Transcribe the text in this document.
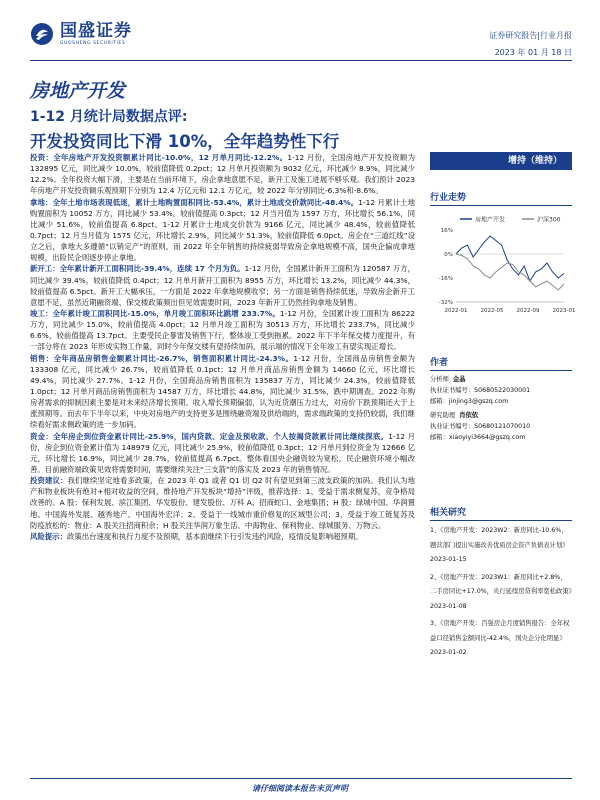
国盛证券
GUOSHENG SECURITIES
证券研究报告|行业月报
2023 年 01 月 18 日
房地产开发
1-12 月统计局数据点评:
开发投资同比下滑 10%，全年趋势性下行

投资：全年房地产开发投资额累计同比-10.0%，12 月单月同比-12.2%。1-12 月份，全国房地产开发投资额为 132895 亿元，同比减少 10.0%，较前值降低 0.2pct；12 月单月投资额为 9032 亿元，环比减少 8.9%，同比减少 12.2%。全年投资大幅下滑，主要是在当前环境下，房企拿地意愿不足，新开工及施工进展不够乐观。我们预计 2023 年房地产开发投资额乐观预期下分别为 12.4 万亿元和 12.1 万亿元，较 2022 年分别同比-6.3%和-8.6%。

拿地：全年土地市场表现低迷，累计土地购置面积同比-53.4%，累计土地成交价款同比-48.4%。1-12 月累计土地购置面积为 10052 万方，同比减少 53.4%，较前值提高 0.3pct；12 月当月值为 1597 万方，环比增长 56.1%，同比减少 51.6%，较前值提高 6.8pct。1-12 月累计土地成交价款为 9166 亿元，同比减少 48.4%，较前值降低 0.7pct；12 月当月值为 1575 亿元，环比增长 2.9%，同比减少 51.3%，较前值降低 6.0pct。房企在“三道红线”设立之后，拿地大多遵循“以销定产”的原则，而 2022 年全年销售的持续疲弱导致房企拿地规模不高，国央企偏成拿地规模，出险民企则逐步停止拿地。

新开工：全年累计新开工面积同比-39.4%，连续 17 个月为负。1-12 月份，全国累计新开工面积为 120587 万方，同比减少 39.4%，较前值降低 0.4pct；12 月单月新开工面积为 8955 万方，环比增长 13.2%，同比减少 44.3%，较前值提高 6.5pct。新开工大幅承压，一方面是 2022 年拿地规模收窄；另一方面是销售持续低迷，导致房企新开工意愿不足，虽然近期融资端、保交楼政策频出但见效需要时间，2023 年新开工仍然挂钩拿地及销售。

竣工：全年累计竣工面积同比-15.0%，单月竣工面积环比跳增 233.7%。1-12 月份，全国累计竣工面积为 86222 万方，同比减少 15.0%，较前值提高 4.0pct；12 月单月竣工面积为 30513 万方，环比增长 233.7%，同比减少 6.6%，较前值提高 13.7pct。主要受民企暴雷及销售下行，整体竣工受到拖累。2022 年下半年保交楼力度提升，有一部分将在 2023 年形成实物工作量，同时今年保交楼有望持续加码，展示端的情况下全年竣工有望实现正增长。

销售：全年商品房销售金额累计同比-26.7%，销售面积累计同比-24.3%。1-12 月份，全国商品房销售金额为 133308 亿元，同比减少 26.7%，较前值降低 0.1pct；12 月单月商品房销售金额为 14660 亿元，环比增长 49.4%，同比减少 27.7%。1-12 月份，全国商品房销售面积为 135837 万方，同比减少 24.3%，较前值降低 1.0pct；12 月单月商品房销售面积为 14587 万方，环比增长 44.8%，同比减少 31.5%，跌中期调查。2022 年购房者需求的抑制因素主要是对未来经济增长预期、收入增长预期偏弱，认为近货潮压力过大，对房价下跌预期还大于上涨预期等。而去年下半年以来，中央对房地产的支持更多是围绕融资端及供给端的，需求端政策的支持仍较弱，我们继续看好需求侧政策的进一步加码。

资金：全年房企到位资金累计同比-25.9%，国内贷款、定金及预收款、个人按揭贷款累计同比继续探底。1-12 月份，房企到位资金累计值为 148979 亿元，同比减少 25.9%，较前值降低 0.3pct；12 月单月到位资金为 12666 亿元，环比增长 16.9%，同比减少 28.7%，较前值提高 6.7pct。整体看国央企融资较为宽松，民企融资环境小幅改善。目前融资端政策见效将需要时间，需要继续关注“三支箭”的落实及 2023 年的销售情况。

投资建议：我们继续坚定地看多政策，在 2023 年 Q1 或者 Q1 切 Q2 时有望见到第三波支政策的加码。我们认为地产和物业板块有绝对+相对收益的空间，维持地产开发板块“增持”评级，推荐选择：1、受益于需求侧复苏，竞争格局改善的。A 股：保利发展、滨江集团、华发股份、建发股份、万科 A、招商蛇口、金地集团；H 股：绿城中国、华润置地、中国海外发展、越秀地产、中国海外宏洋；2、受益于一线城市重价修复的区域型公司；3、受益于竣工链复苏及防疫放松的：物业：A 股关注招商积余；H 股关注华润万象生活、中海物业、保利物业、绿城服务、万物云。

风险提示：政策出台速度和执行力度不及预期，基本面继续下行引发违约风险，疫情反复影响超预期。

增持（维持）
行业走势
房地产开发	沪深300
16%
0%
-16%
-32%
2022-01 2022-05 2022-09 2023-01
作者
分析师 金晶
执业证书编号：S0680522030001
邮箱：jinjing3@gszq.com
研究助理 肖依依
执业证书编号：S0680121070010
邮箱：xiaoyiyi3664@gszq.com
相关研究
1、《房地产开发：2023W2：新房同比-10.6%，题营部门提出实施改善优质房企资产负债表计划》2023-01-15
2、《房地产开发：2023W1：新房同比+2.8%，二手房同比+17.0%，央行延续房贷利率宽松政策》2023-01-08
3、《房地产开发：百强房企月度销售报告：全年权益口径销售金额同比-42.4%，国央企分化明显》2023-01-02
请仔细阅读本报告末页声明
